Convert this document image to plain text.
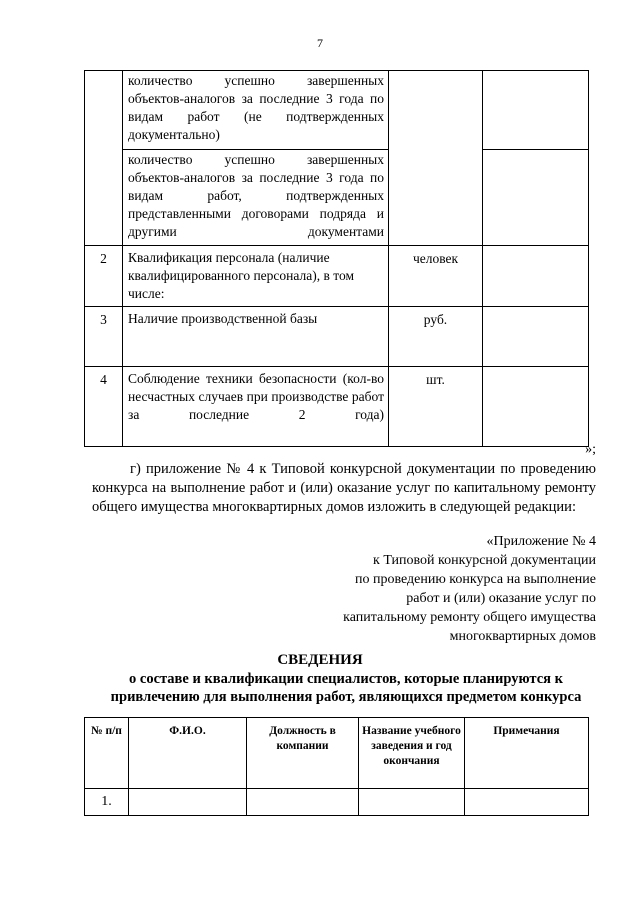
7
	количество успешно завершенных объектов-аналогов за последние 3 года по видам работ (не подтвержденных документально)		
	количество успешно завершенных объектов-аналогов за последние 3 года по видам работ, подтвержденных представленными договорами подряда и другими документами		
2	Квалификация персонала (наличие квалифицированного персонала), в том числе:	человек	
3	Наличие производственной базы	руб.	
4	Соблюдение техники безопасности (кол-во несчастных случаев при производстве работ за последние 2 года)	шт.	
»;
г) приложение № 4 к Типовой конкурсной документации по проведению конкурса на выполнение работ и (или) оказание услуг по капитальному ремонту общего имущества многоквартирных домов изложить в следующей редакции:
«Приложение № 4
к Типовой конкурсной документации
по проведению конкурса на выполнение
работ и (или) оказание услуг по
капитальному ремонту общего имущества
многоквартирных домов
СВЕДЕНИЯ
о составе и квалификации специалистов, которые планируются к привлечению для выполнения работ, являющихся предметом конкурса
№ п/п	Ф.И.О.	Должность в компании	Название учебного заведения и год окончания	Примечания
1.				
